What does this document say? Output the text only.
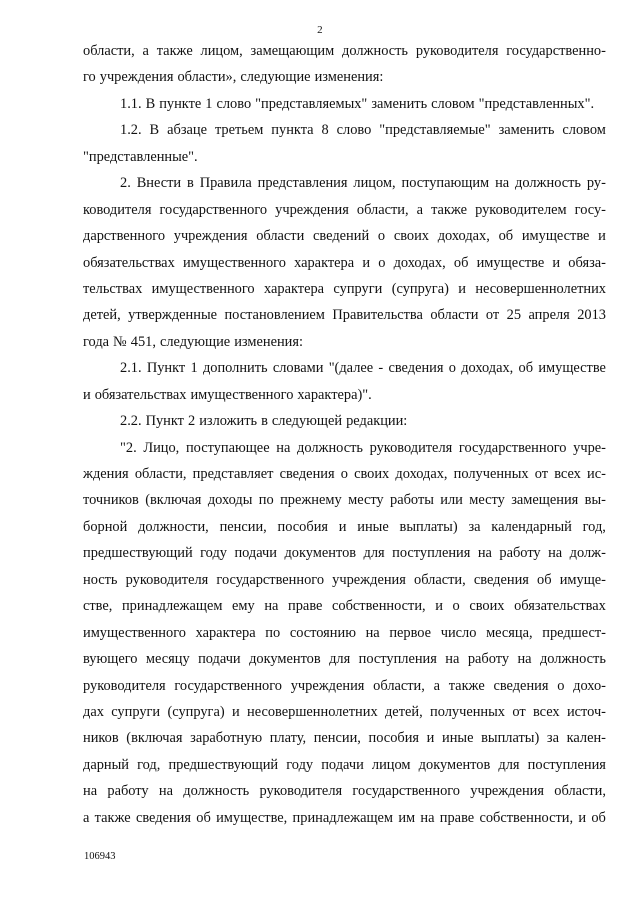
2
области, а также лицом, замещающим должность руководителя государственно-
го учреждения области», следующие изменения:
1.1. В пункте 1 слово "представляемых" заменить словом "представленных".
1.2. В абзаце третьем пункта 8 слово "представляемые" заменить словом
"представленные".
2. Внести в Правила представления лицом, поступающим на должность ру-
ководителя государственного учреждения области, а также руководителем госу-
дарственного учреждения области сведений о своих доходах, об имуществе и
обязательствах имущественного характера и о доходах, об имуществе и обяза-
тельствах имущественного характера супруги (супруга) и несовершеннолетних
детей, утвержденные постановлением Правительства области от 25 апреля 2013
года № 451, следующие изменения:
2.1. Пункт 1 дополнить словами "(далее - сведения о доходах, об имуществе
и обязательствах имущественного характера)".
2.2. Пункт 2 изложить в следующей редакции:
"2. Лицо, поступающее на должность руководителя государственного учре-
ждения области, представляет сведения о своих доходах, полученных от всех ис-
точников (включая доходы по прежнему месту работы или месту замещения вы-
борной должности, пенсии, пособия и иные выплаты) за календарный год,
предшествующий году подачи документов для поступления на работу на долж-
ность руководителя государственного учреждения области, сведения об имуще-
стве, принадлежащем ему на праве собственности, и о своих обязательствах
имущественного характера по состоянию на первое число месяца, предшест-
вующего месяцу подачи документов для поступления на работу на должность
руководителя государственного учреждения области, а также сведения о дохо-
дах супруги (супруга) и несовершеннолетних детей, полученных от всех источ-
ников (включая заработную плату, пенсии, пособия и иные выплаты) за кален-
дарный год, предшествующий году подачи лицом документов для поступления
на работу на должность руководителя государственного учреждения области,
а также сведения об имуществе, принадлежащем им на праве собственности, и об
106943
